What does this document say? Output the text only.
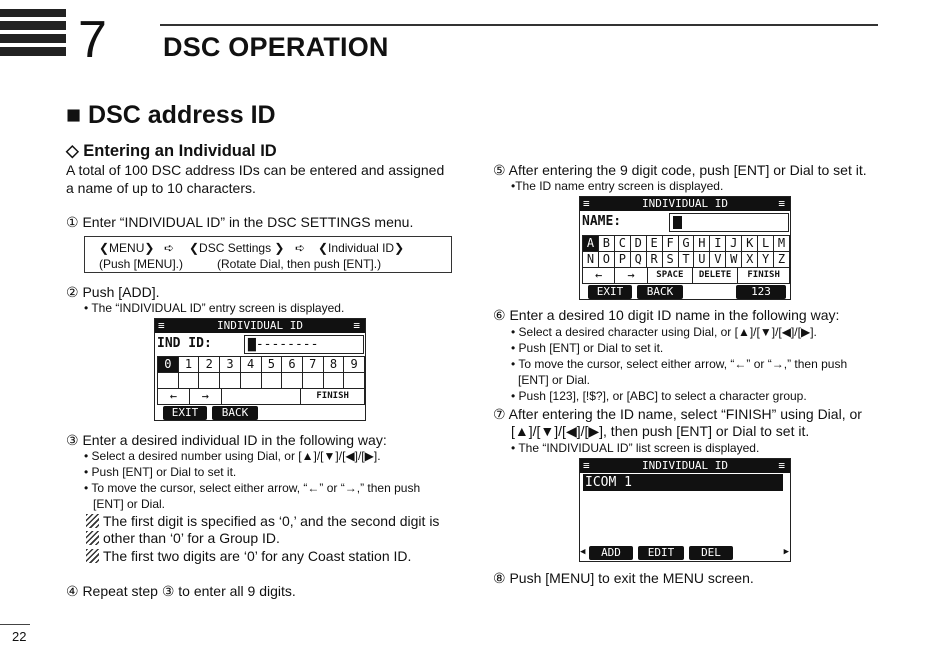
7 DSC OPERATION
■ DSC address ID
◇ Entering an Individual ID
A total of 100 DSC address IDs can be entered and assigned
a name of up to 10 characters.
① Enter “INDIVIDUAL ID” in the DSC SETTINGS menu.
❮MENU❯ ➪ ❮DSC Settings ❯ ➪ ❮Individual ID❯
(Push [MENU].)	(Rotate Dial, then push [ENT].)
② Push [ADD].
• The “INDIVIDUAL ID” entry screen is displayed.
≡	INDIVIDUAL ID	≡
IND ID:	▇--------
0	1	2	3	4	5	6	7	8	9
←	→	FINISH
EXIT	BACK
③ Enter a desired individual ID in the following way:
• Select a desired number using Dial, or [▲]/[▼]/[◀]/[▶].
• Push [ENT] or Dial to set it.
• To move the cursor, select either arrow, “←” or “→,” then push
[ENT] or Dial.
The first digit is specified as ‘0,’ and the second digit is
other than ‘0’ for a Group ID.
The first two digits are ‘0’ for any Coast station ID.
④ Repeat step ③ to enter all 9 digits.
⑤ After entering the 9 digit code, push [ENT] or Dial to set it.
•The ID name entry screen is displayed.
≡	INDIVIDUAL ID	≡
NAME:
A B C D E F G H I J K L M
N O P Q R S T U V W X Y Z
←	→	SPACE	DELETE	FINISH
EXIT	BACK	123
⑥ Enter a desired 10 digit ID name in the following way:
• Select a desired character using Dial, or [▲]/[▼]/[◀]/[▶].
• Push [ENT] or Dial to set it.
• To move the cursor, select either arrow, “←” or “→,” then push
[ENT] or Dial.
• Push [123], [!$?], or [ABC] to select a character group.
⑦ After entering the ID name, select “FINISH” using Dial, or
[▲]/[▼]/[◀]/[▶], then push [ENT] or Dial to set it.
• The “INDIVIDUAL ID” list screen is displayed.
≡	INDIVIDUAL ID	≡
ICOM 1
◀	ADD	EDIT	DEL	▶
⑧ Push [MENU] to exit the MENU screen.
22
